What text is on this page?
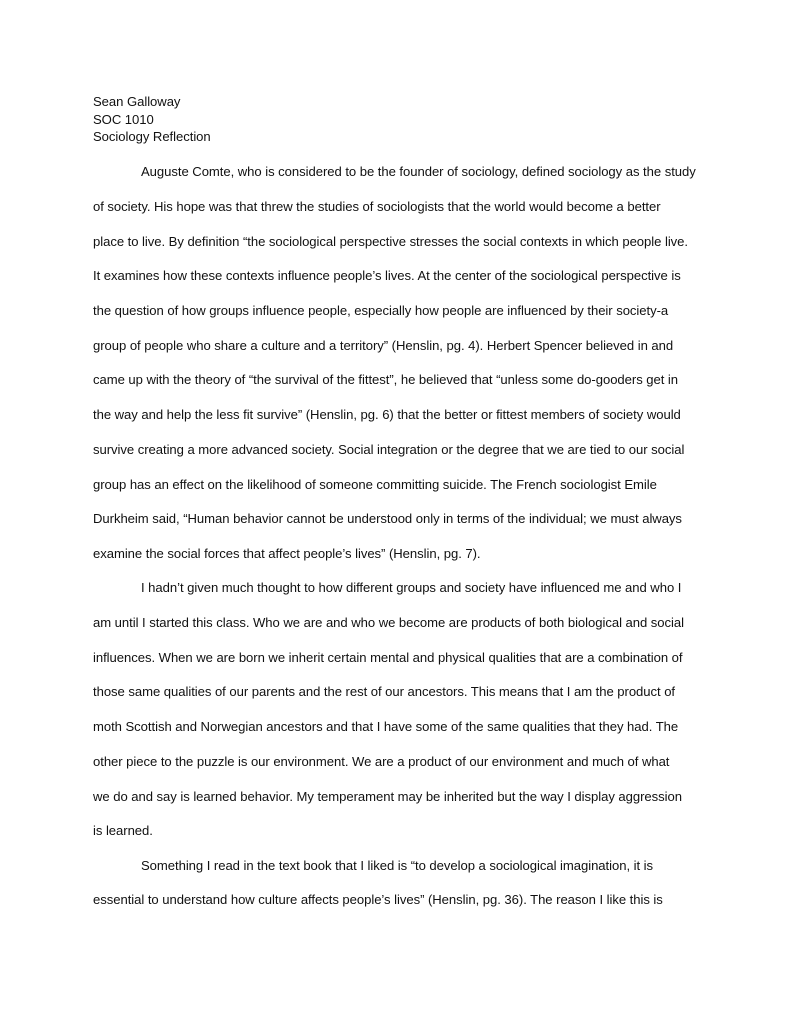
Sean Galloway
SOC 1010
Sociology Reflection
Auguste Comte, who is considered to be the founder of sociology, defined sociology as the study
of society. His hope was that threw the studies of sociologists that the world would become a better
place to live. By definition “the sociological perspective stresses the social contexts in which people live.
It examines how these contexts influence people’s lives. At the center of the sociological perspective is
the question of how groups influence people, especially how people are influenced by their society-a
group of people who share a culture and a territory” (Henslin, pg. 4). Herbert Spencer believed in and
came up with the theory of “the survival of the fittest”, he believed that “unless some do-gooders get in
the way and help the less fit survive” (Henslin, pg. 6) that the better or fittest members of society would
survive creating a more advanced society. Social integration or the degree that we are tied to our social
group has an effect on the likelihood of someone committing suicide. The French sociologist Emile
Durkheim said, “Human behavior cannot be understood only in terms of the individual; we must always
examine the social forces that affect people’s lives” (Henslin, pg. 7).
I hadn’t given much thought to how different groups and society have influenced me and who I
am until I started this class. Who we are and who we become are products of both biological and social
influences. When we are born we inherit certain mental and physical qualities that are a combination of
those same qualities of our parents and the rest of our ancestors. This means that I am the product of
moth Scottish and Norwegian ancestors and that I have some of the same qualities that they had. The
other piece to the puzzle is our environment. We are a product of our environment and much of what
we do and say is learned behavior. My temperament may be inherited but the way I display aggression
is learned.
Something I read in the text book that I liked is “to develop a sociological imagination, it is
essential to understand how culture affects people’s lives” (Henslin, pg. 36). The reason I like this is
